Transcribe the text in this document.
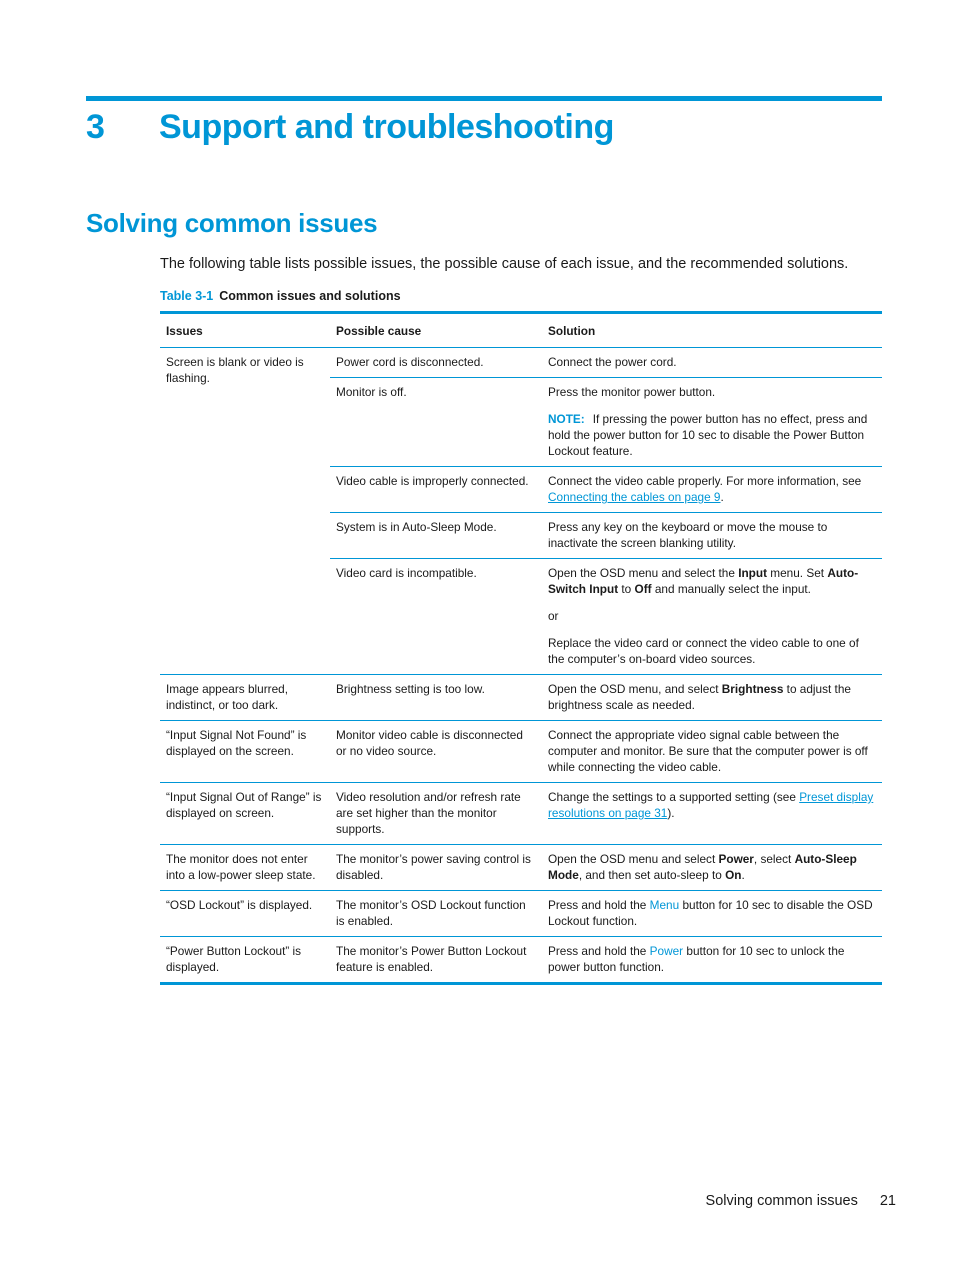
3 Support and troubleshooting
Solving common issues
The following table lists possible issues, the possible cause of each issue, and the recommended solutions.
Table 3-1 Common issues and solutions
Issues	Possible cause	Solution
Screen is blank or video is flashing.	Power cord is disconnected.	Connect the power cord.
	Monitor is off.	Press the monitor power button.
NOTE: If pressing the power button has no effect, press and hold the power button for 10 sec to disable the Power Button Lockout feature.

	Video cable is improperly connected.	Connect the video cable properly. For more information, see Connecting the cables on page 9.
	System is in Auto-Sleep Mode.	Press any key on the keyboard or move the mouse to inactivate the screen blanking utility.
	Video card is incompatible.	Open the OSD menu and select the Input menu. Set Auto-Switch Input to Off and manually select the input.
or
Replace the video card or connect the video cable to one of the computer’s on-board video sources.

Image appears blurred, indistinct, or too dark.	Brightness setting is too low.	Open the OSD menu, and select Brightness to adjust the brightness scale as needed.
“Input Signal Not Found” is displayed on the screen.	Monitor video cable is disconnected or no video source.	Connect the appropriate video signal cable between the computer and monitor. Be sure that the computer power is off while connecting the video cable.
“Input Signal Out of Range” is displayed on screen.	Video resolution and/or refresh rate are set higher than the monitor supports.	Change the settings to a supported setting (see Preset display resolutions on page 31).
The monitor does not enter into a low-power sleep state.	The monitor’s power saving control is disabled.	Open the OSD menu and select Power, select Auto-Sleep Mode, and then set auto-sleep to On.
“OSD Lockout” is displayed.	The monitor’s OSD Lockout function is enabled.	Press and hold the Menu button for 10 sec to disable the OSD Lockout function.
“Power Button Lockout” is displayed.	The monitor’s Power Button Lockout feature is enabled.	Press and hold the Power button for 10 sec to unlock the power button function.
Solving common issues 21
